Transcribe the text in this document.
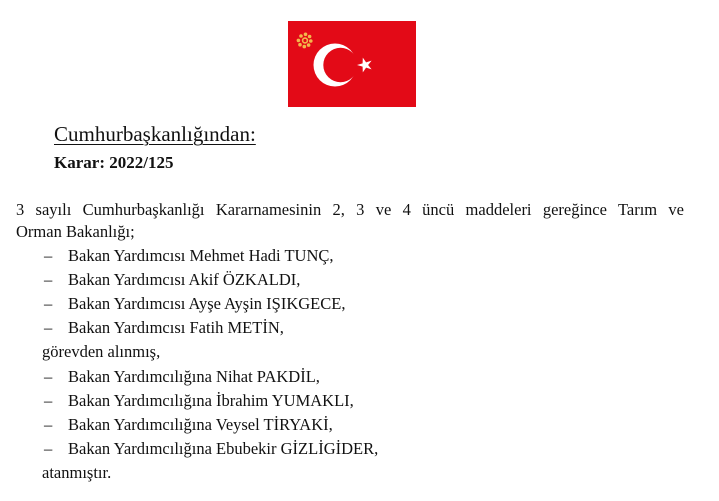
Cumhurbaşkanlığından:
Karar: 2022/125
3 sayılı Cumhurbaşkanlığı Kararnamesinin 2, 3 ve 4 üncü maddeleri gereğince Tarım ve
Orman Bakanlığı;
– Bakan Yardımcısı Mehmet Hadi TUNÇ,
– Bakan Yardımcısı Akif ÖZKALDI,
– Bakan Yardımcısı Ayşe Ayşin IŞIKGECE,
– Bakan Yardımcısı Fatih METİN,
görevden alınmış,
– Bakan Yardımcılığına Nihat PAKDİL,
– Bakan Yardımcılığına İbrahim YUMAKLI,
– Bakan Yardımcılığına Veysel TİRYAKİ,
– Bakan Yardımcılığına Ebubekir GİZLİGİDER,
atanmıştır.
